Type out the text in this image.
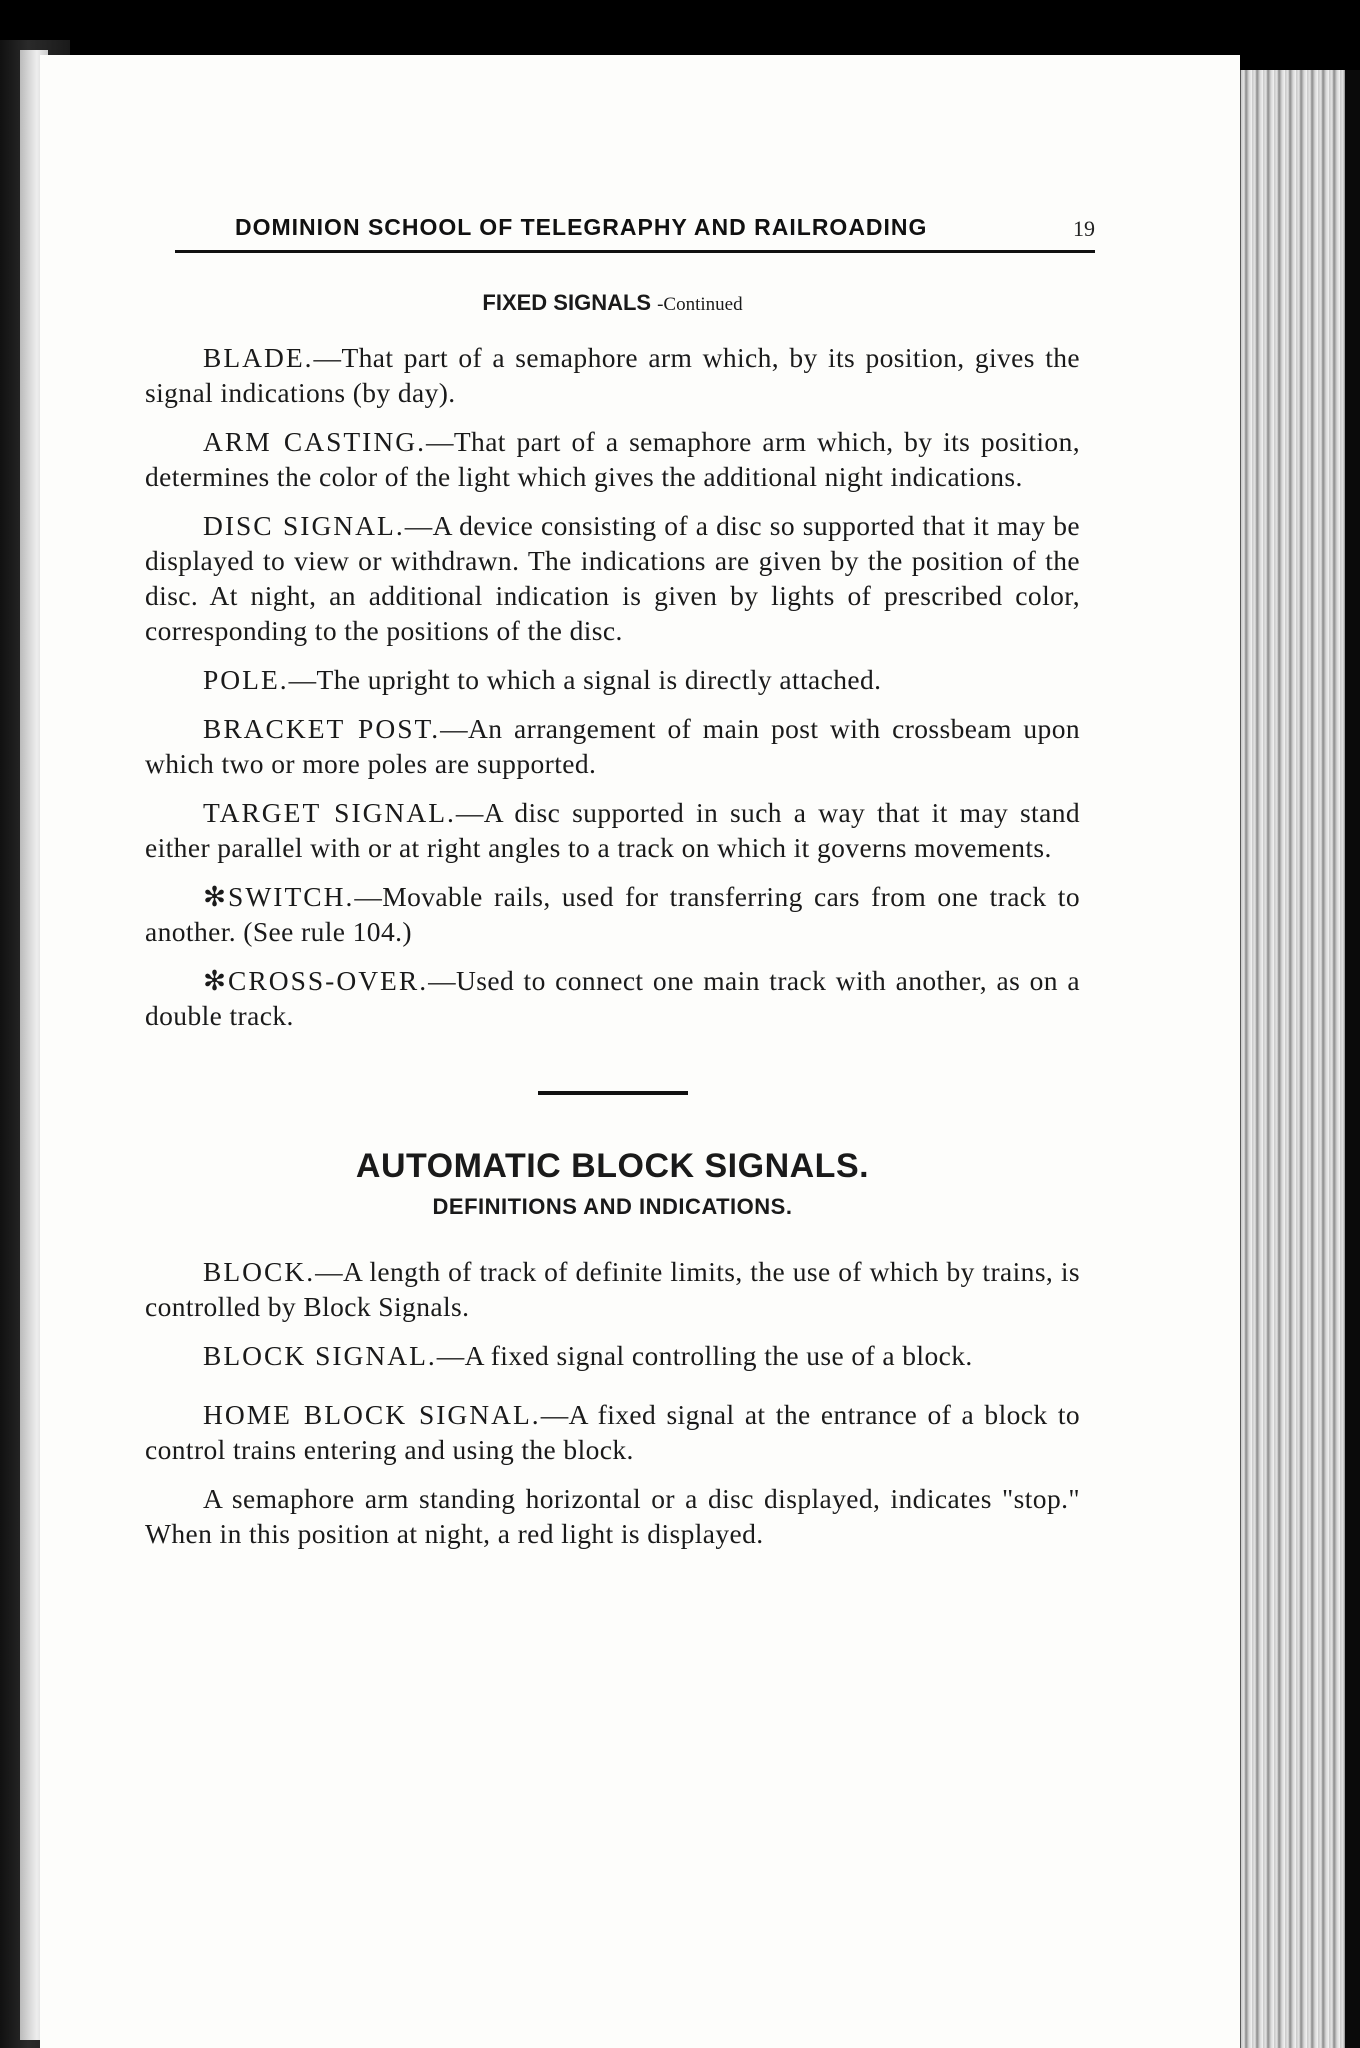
DOMINION SCHOOL OF TELEGRAPHY AND RAILROADING	19
FIXED SIGNALS -Continued

BLADE.—That part of a semaphore arm which, by its position, gives the signal indications (by day).

ARM CASTING.—That part of a semaphore arm which, by its position, determines the color of the light which gives the additional night indications.

DISC SIGNAL.—A device consisting of a disc so supported that it may be displayed to view or withdrawn. The indications are given by the position of the disc. At night, an additional indication is given by lights of prescribed color, corresponding to the positions of the disc.

POLE.—The upright to which a signal is directly attached.

BRACKET POST.—An arrangement of main post with crossbeam upon which two or more poles are supported.

TARGET SIGNAL.—A disc supported in such a way that it may stand either parallel with or at right angles to a track on which it governs movements.

✻SWITCH.—Movable rails, used for transferring cars from one track to another. (See rule 104.)

✻CROSS-OVER.—Used to connect one main track with another, as on a double track.

AUTOMATIC BLOCK SIGNALS.
DEFINITIONS AND INDICATIONS.

BLOCK.—A length of track of definite limits, the use of which by trains, is controlled by Block Signals.

BLOCK SIGNAL.—A fixed signal controlling the use of a block.

HOME BLOCK SIGNAL.—A fixed signal at the entrance of a block to control trains entering and using the block.

A semaphore arm standing horizontal or a disc displayed, indicates "stop." When in this position at night, a red light is displayed.
